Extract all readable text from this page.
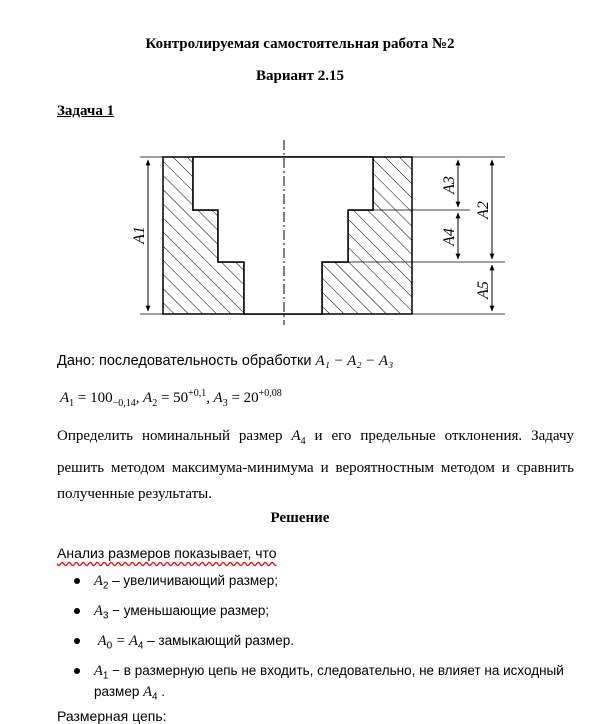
Контролируемая самостоятельная работа №2
Вариант 2.15
Задача 1
A1
A3
A4
A2
A5
Дано: последовательность обработки A₁ − A₂ − A₃
$A_1 = 100_{-0,14}$, $A_2 = 50^{+0,1}$, $A_3 = 20^{+0,08}$
Определить номинальный размер $A_4$ и его предельные отклонения. Задачу решить методом максимума-минимума и вероятностным методом и сравнить полученные результаты.
Решение
Анализ размеров показывает, что
$A_2$ – увеличивающий размер;
$A_3$ − уменьшающие размер;
$A_0 = A_4$ – замыкающий размер.
$A_1 - в$ размерную цепь не входить, следовательно, не влияет на исходный
размер $A_4$ .
Размерная цепь:
